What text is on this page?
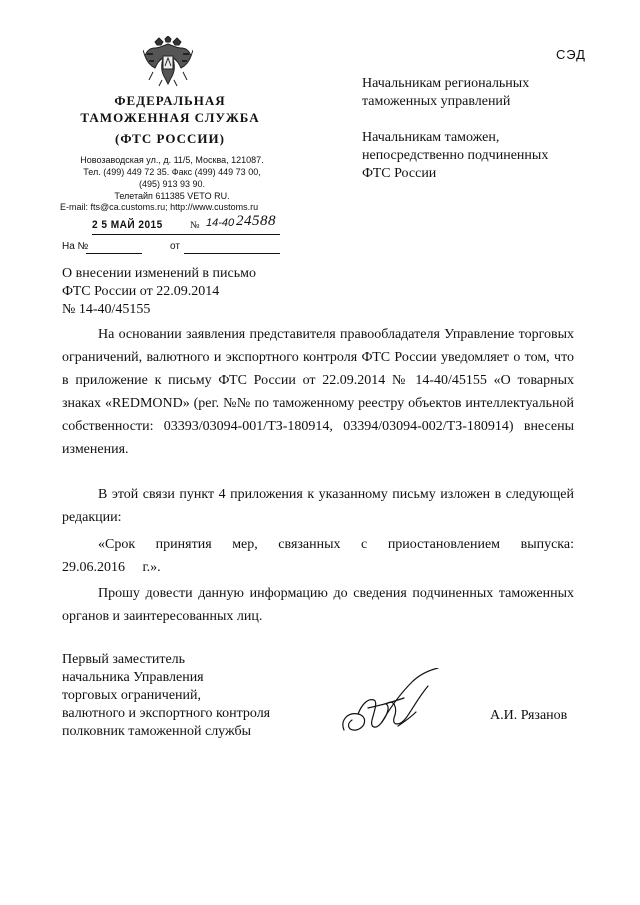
ФЕДЕРАЛЬНАЯ
ТАМОЖЕННАЯ СЛУЖБА
(ФТС РОССИИ)
Новозаводская ул., д. 11/5, Москва, 121087.
Тел. (499) 449 72 35. Факс (499) 449 73 00,
(495) 913 93 90.
Телетайп 611385 VETO RU.
E-mail: fts@ca.customs.ru; http://www.customs.ru
2 5 МАЙ 2015	№ 14-40 24588
На №	от
СЭД
Начальникам региональных
таможенных управлений
Начальникам таможен,
непосредственно подчиненных
ФТС России
О внесении изменений в письмо
ФТС России от 22.09.2014
№ 14-40/45155

На основании заявления представителя правообладателя Управление торговых ограничений, валютного и экспортного контроля ФТС России уведомляет о том, что в приложение к письму ФТС России от 22.09.2014 № 14-40/45155 «О товарных знаках «REDMOND» (рег. №№ по таможенному реестру объектов интеллектуальной собственности: 03393/03094-001/ТЗ-180914, 03394/03094-002/ТЗ-180914) внесены изменения.

В этой связи пункт 4 приложения к указанному письму изложен в следующей редакции:

«Срок принятия мер, связанных с приостановлением выпуска: 29.06.2016 г.».

Прошу довести данную информацию до сведения подчиненных таможенных органов и заинтересованных лиц.

Первый заместитель
начальника Управления
торговых ограничений,
валютного и экспортного контроля
полковник таможенной службы
А.И. Рязанов
